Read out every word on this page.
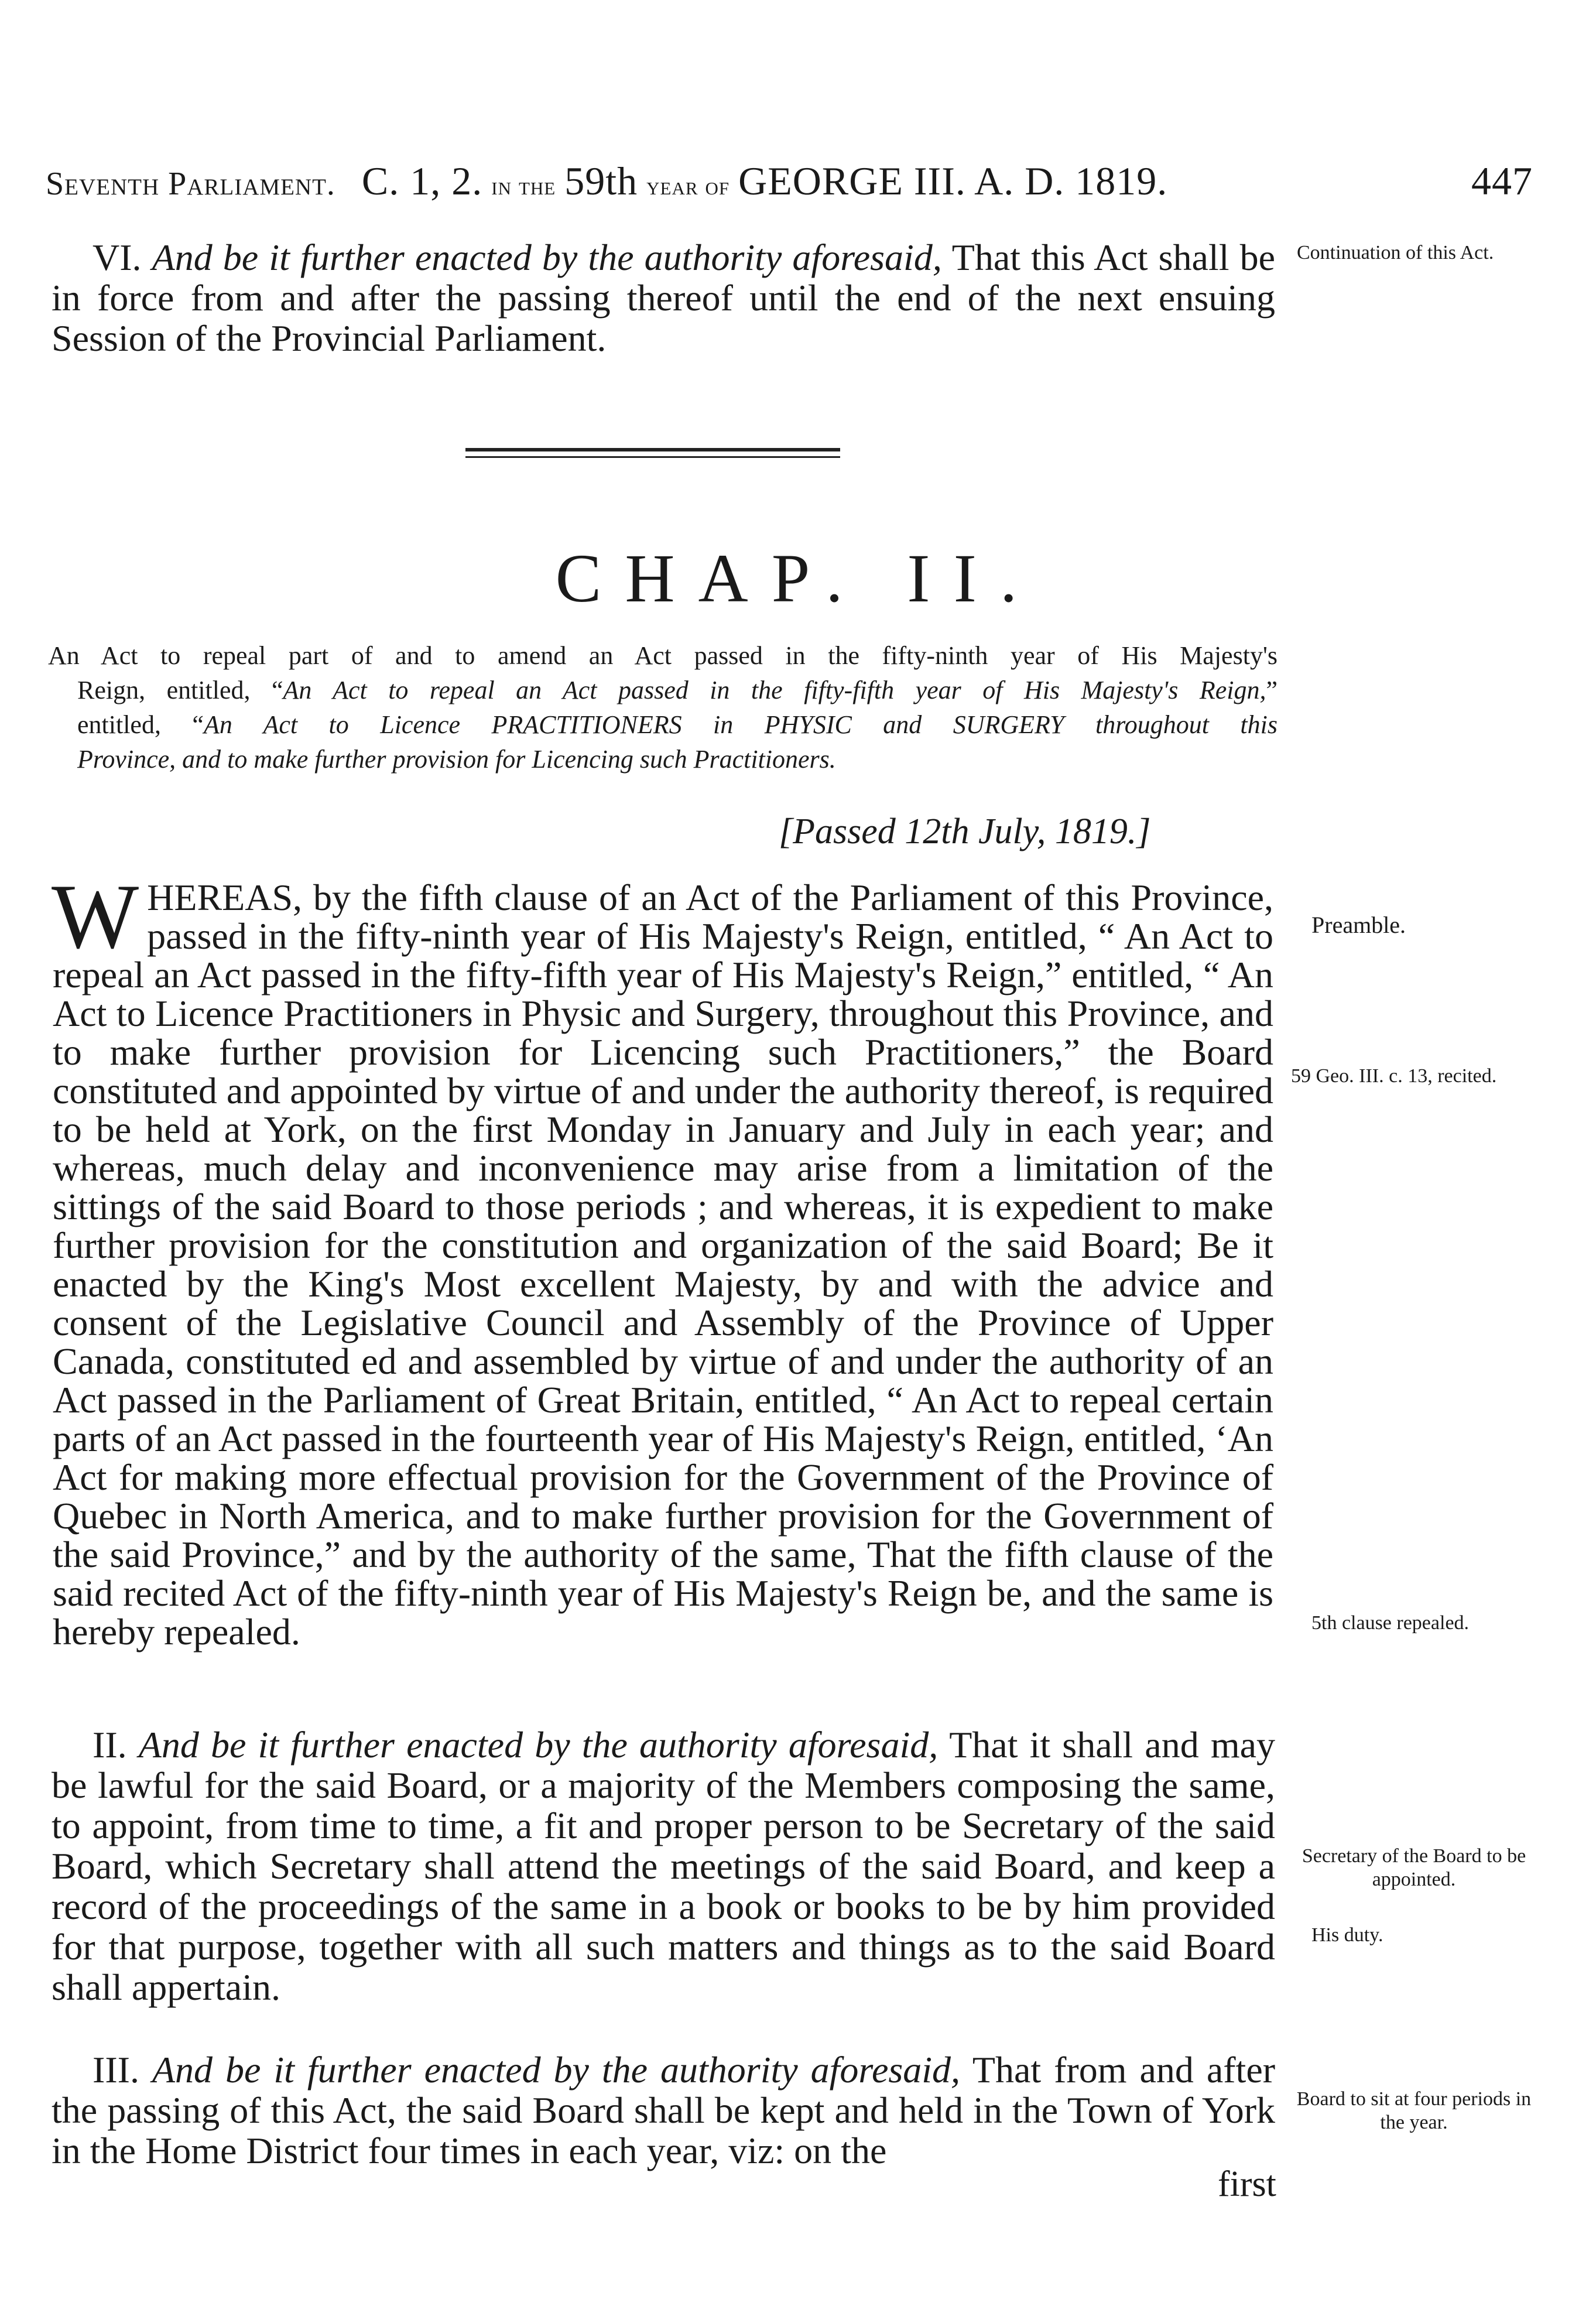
Seventh Parliament. C. 1, 2. in the 59th year of GEORGE III. A. D. 1819.	447

VI. And be it further enacted by the authority aforesaid, That this Act shall be in force from and after the passing thereof until the end of the next ensuing Session of the Provincial Parliament.

Continuation of this Act.
CHAP. II.
An Act to repeal part of and to amend an Act passed in the fifty-ninth year of His Majesty's
Reign, entitled, “An Act to repeal an Act passed in the fifty-fifth year of His Majesty's Reign,”
entitled, “An Act to Licence PRACTITIONERS in PHYSIC and SURGERY throughout this
Province, and to make further provision for Licencing such Practitioners.
[Passed 12th July, 1819.]

WHEREAS, by the fifth clause of an Act of the Parliament of this Province, passed in the fifty-ninth year of His Majesty's Reign, entitled, “ An Act to repeal an Act passed in the fifty-fifth year of His Majesty's Reign,” entitled, “ An Act to Licence Practitioners in Physic and Surgery, throughout this Province, and to make further provision for Licencing such Practitioners,” the Board constituted and appointed by virtue of and under the authority thereof, is required to be held at York, on the first Monday in January and July in each year; and whereas, much delay and inconvenience may arise from a limitation of the sittings of the said Board to those periods ; and whereas, it is expedient to make further provision for the constitution and organization of the said Board; Be it enacted by the King's Most excellent Majesty, by and with the advice and consent of the Legislative Council and Assembly of the Province of Upper Canada, constituted ed and assembled by virtue of and under the authority of an Act passed in the Parliament of Great Britain, entitled, “ An Act to repeal certain parts of an Act passed in the fourteenth year of His Majesty's Reign, entitled, ‘An Act for making more effectual provision for the Government of the Province of Quebec in North America, and to make further provision for the Government of the said Province,” and by the authority of the same, That the fifth clause of the said recited Act of the fifty-ninth year of His Majesty's Reign be, and the same is hereby repealed.

Preamble.
59 Geo. III. c. 13, recited.
5th clause repealed.

II. And be it further enacted by the authority aforesaid, That it shall and may be lawful for the said Board, or a majority of the Members composing the same, to appoint, from time to time, a fit and proper person to be Secretary of the said Board, which Secretary shall attend the meetings of the said Board, and keep a record of the proceedings of the same in a book or books to be by him provided for that purpose, together with all such matters and things as to the said Board shall appertain.

Secretary of the Board to be appointed.
His duty.

III. And be it further enacted by the authority aforesaid, That from and after the passing of this Act, the said Board shall be kept and held in the Town of York in the Home District four times in each year, viz: on the

Board to sit at four periods in the year.
first
